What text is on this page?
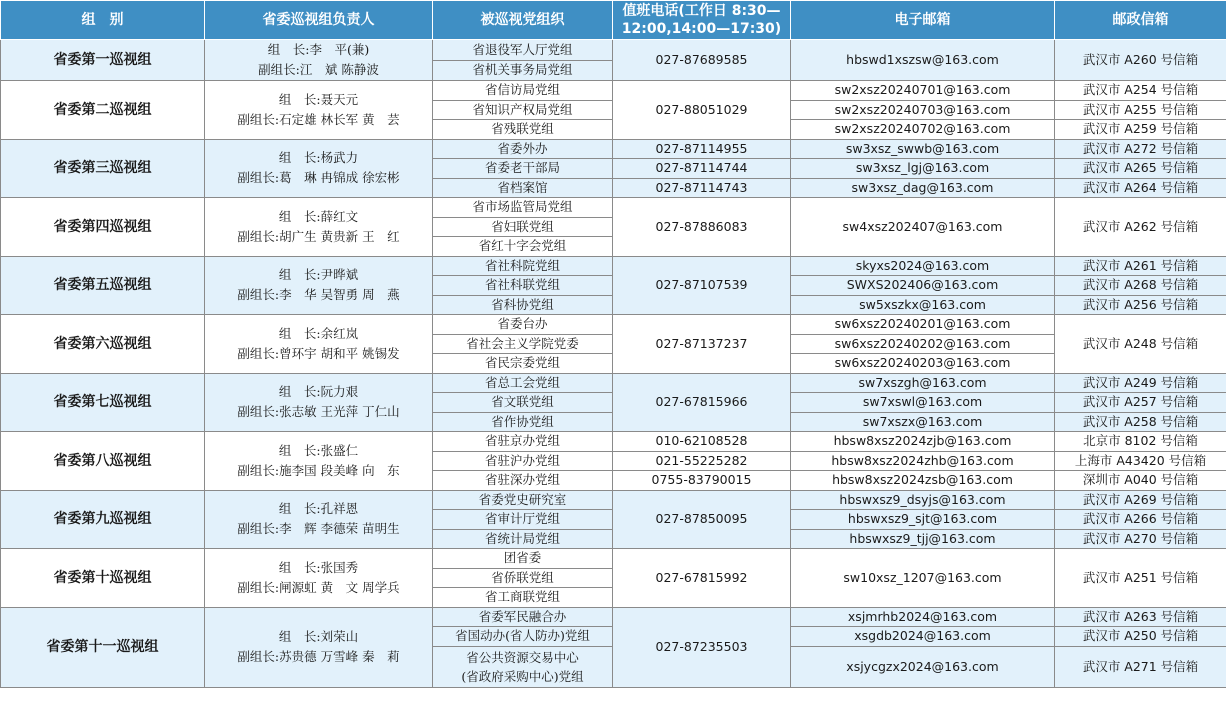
组　别	省委巡视组负责人	被巡视党组织	值班电话(工作日 8:30—
12:00,14:00—17:30)	电子邮箱	邮政信箱
省委第一巡视组	组　长:李　平(兼)
副组长:江　斌 陈静波	省退役军人厅党组	027-87689585	hbswd1xszsw@163.com	武汉市 A260 号信箱
		省机关事务局党组			
省委第二巡视组	组　长:聂天元
副组长:石定雄 林长军 黄　芸	省信访局党组	027-88051029	sw2xsz20240701@163.com	武汉市 A254 号信箱
		省知识产权局党组		sw2xsz20240703@163.com	武汉市 A255 号信箱
		省残联党组		sw2xsz20240702@163.com	武汉市 A259 号信箱
省委第三巡视组	组　长:杨武力
副组长:葛　琳 冉锦成 徐宏彬	省委外办	027-87114955	sw3xsz_swwb@163.com	武汉市 A272 号信箱
		省委老干部局	027-87114744	sw3xsz_lgj@163.com	武汉市 A265 号信箱
		省档案馆	027-87114743	sw3xsz_dag@163.com	武汉市 A264 号信箱
省委第四巡视组	组　长:薛红文
副组长:胡广生 黄贵新 王　红	省市场监管局党组	027-87886083	sw4xsz202407@163.com	武汉市 A262 号信箱
		省妇联党组			
		省红十字会党组			
省委第五巡视组	组　长:尹晔斌
副组长:李　华 吴智勇 周　燕	省社科院党组	027-87107539	skyxs2024@163.com	武汉市 A261 号信箱
		省社科联党组		SWXS202406@163.com	武汉市 A268 号信箱
		省科协党组		sw5xszkx@163.com	武汉市 A256 号信箱
省委第六巡视组	组　长:余红岚
副组长:曾环宇 胡和平 姚锡发	省委台办	027-87137237	sw6xsz20240201@163.com	武汉市 A248 号信箱
		省社会主义学院党委		sw6xsz20240202@163.com	
		省民宗委党组		sw6xsz20240203@163.com	
省委第七巡视组	组　长:阮力艰
副组长:张志敏 王光萍 丁仁山	省总工会党组	027-67815966	sw7xszgh@163.com	武汉市 A249 号信箱
		省文联党组		sw7xswl@163.com	武汉市 A257 号信箱
		省作协党组		sw7xszx@163.com	武汉市 A258 号信箱
省委第八巡视组	组　长:张盛仁
副组长:施李国 段美峰 向　东	省驻京办党组	010-62108528	hbsw8xsz2024zjb@163.com	北京市 8102 号信箱
		省驻沪办党组	021-55225282	hbsw8xsz2024zhb@163.com	上海市 A43420 号信箱
		省驻深办党组	0755-83790015	hbsw8xsz2024zsb@163.com	深圳市 A040 号信箱
省委第九巡视组	组　长:孔祥恩
副组长:李　辉 李德荣 苗明生	省委党史研究室	027-87850095	hbswxsz9_dsyjs@163.com	武汉市 A269 号信箱
		省审计厅党组		hbswxsz9_sjt@163.com	武汉市 A266 号信箱
		省统计局党组		hbswxsz9_tjj@163.com	武汉市 A270 号信箱
省委第十巡视组	组　长:张国秀
副组长:闸源虹 黄　文 周学兵	团省委	027-67815992	sw10xsz_1207@163.com	武汉市 A251 号信箱
		省侨联党组			
		省工商联党组			
省委第十一巡视组	组　长:刘荣山
副组长:苏贵德 万雪峰 秦　莉	省委军民融合办	027-87235503	xsjmrhb2024@163.com	武汉市 A263 号信箱
		省国动办(省人防办)党组		xsgdb2024@163.com	武汉市 A250 号信箱
		省公共资源交易中心
(省政府采购中心)党组		xsjycgzx2024@163.com	武汉市 A271 号信箱
